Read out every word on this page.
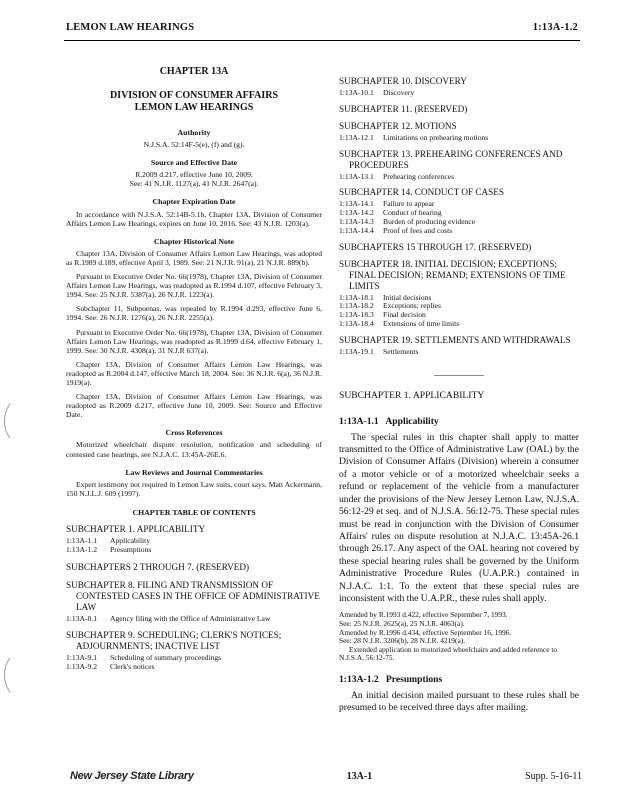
LEMON LAW HEARINGS	1:13A-1.2
CHAPTER 13A
DIVISION OF CONSUMER AFFAIRS
LEMON LAW HEARINGS
Authority

N.J.S.A. 52:14F-5(e), (f) and (g).

Source and Effective Date

R.2009 d.217, effective June 10, 2009.

See: 41 N.J.R. 1127(a), 41 N.J.R. 2647(a).

Chapter Expiration Date

In accordance with N.J.S.A. 52:14B-5.1b, Chapter 13A, Division of Consumer Affairs Lemon Law Hearings, expires on June 10, 2016. See: 43 N.J.R. 1203(a).

Chapter Historical Note

Chapter 13A, Division of Consumer Affairs Lemon Law Hearings, was adopted as R.1989 d.189, effective April 3, 1989. See: 21 N.J.R. 91(a), 21 N.J.R. 889(b).

Pursuant to Executive Order No. 66(1978), Chapter 13A, Division of Consumer Affairs Lemon Law Hearings, was readopted as R.1994 d.107, effective February 3, 1994. See: 25 N.J.R. 5387(a), 26 N.J.R. 1223(a).

Subchapter 11, Subpoenas, was repealed by R.1994 d.293, effective June 6, 1994. See: 26 N.J.R. 1276(a), 26 N.J.R. 2255(a).

Pursuant to Executive Order No. 66(1978), Chapter 13A, Division of Consumer Affairs Lemon Law Hearings, was readopted as R.1999 d.64, effective February 1, 1999. See: 30 N.J.R. 4308(a), 31 N.J.R 637(a).

Chapter 13A, Division of Consumer Affairs Lemon Law Hearings, was readopted as R.2004 d.147, effective March 18, 2004. See: 36 N.J.R. 6(a), 36 N.J.R. 1919(a).

Chapter 13A, Division of Consumer Affairs Lemon Law Hearings, was readopted as R.2009 d.217, effective June 10, 2009. See: Source and Effective Date.

Cross References

Motorized wheelchair dispute resolution, notification and scheduling of contested case hearings, see N.J.A.C. 13:45A-26E.6.

Law Reviews and Journal Commentaries

Expert testimony not required in Lemon Law suits, court says. Matt Ackermann, 150 N.J.L.J. 609 (1997).

CHAPTER TABLE OF CONTENTS
SUBCHAPTER 1. APPLICABILITY
1:13A-1.1	Applicability
1:13A-1.2	Presumptions
SUBCHAPTERS 2 THROUGH 7. (RESERVED)
SUBCHAPTER 8. FILING AND TRANSMISSION OF CONTESTED CASES IN THE OFFICE OF ADMINISTRATIVE LAW
1:13A-8.1	Agency filing with the Office of Administrative Law
SUBCHAPTER 9. SCHEDULING; CLERK'S NOTICES; ADJOURNMENTS; INACTIVE LIST
1:13A-9.1	Scheduling of summary proceedings
1:13A-9.2	Clerk's notices
SUBCHAPTER 10. DISCOVERY
1:13A-10.1	Discovery
SUBCHAPTER 11. (RESERVED)
SUBCHAPTER 12. MOTIONS
1:13A-12.1	Limitations on prehearing motions
SUBCHAPTER 13. PREHEARING CONFERENCES AND PROCEDURES
1:13A-13.1	Prehearing conferences
SUBCHAPTER 14. CONDUCT OF CASES
1:13A-14.1	Failure to appear
1:13A-14.2	Conduct of hearing
1:13A-14.3	Burden of producing evidence
1:13A-14.4	Proof of fees and costs
SUBCHAPTERS 15 THROUGH 17. (RESERVED)
SUBCHAPTER 18. INITIAL DECISION; EXCEPTIONS; FINAL DECISION; REMAND; EXTENSIONS OF TIME LIMITS
1:13A-18.1	Initial decisions
1:13A-18.2	Exceptions; replies
1:13A-18.3	Final decision
1:13A-18.4	Extensions of time limits
SUBCHAPTER 19. SETTLEMENTS AND WITHDRAWALS
1:13A-19.1	Settlements
SUBCHAPTER 1. APPLICABILITY
1:13A-1.1 Applicability

The special rules in this chapter shall apply to matter transmitted to the Office of Administrative Law (OAL) by the Division of Consumer Affairs (Division) wherein a consumer of a motor vehicle or of a motorized wheelchair seeks a refund or replacement of the vehicle from a manufacturer under the provisions of the New Jersey Lemon Law, N.J.S.A. 56:12-29 et seq. and of N.J.S.A. 56:12-75. These special rules must be read in conjunction with the Division of Consumer Affairs' rules on dispute resolution at N.J.A.C. 13:45A-26.1 through 26.17. Any aspect of the OAL hearing not covered by these special hearing rules shall be governed by the Uniform Administrative Procedure Rules (U.A.P.R.) contained in N.J.A.C. 1:1. To the extent that these special rules are inconsistent with the U.A.P.R., these rules shall apply.

Amended by R.1993 d.422, effective September 7, 1993.

See: 25 N.J.R. 2625(a), 25 N.J.R. 4063(a).

Amended by R.1996 d.434, effective September 16, 1996.

See: 28 N.J.R. 3206(b), 28 N.J.R. 4219(a).

Extended application to motorized wheelchairs and added reference to N.J.S.A. 56:12-75.

1:13A-1.2 Presumptions

An initial decision mailed pursuant to these rules shall be presumed to be received three days after mailing.

New Jersey State Library	13A-1	Supp. 5-16-11
